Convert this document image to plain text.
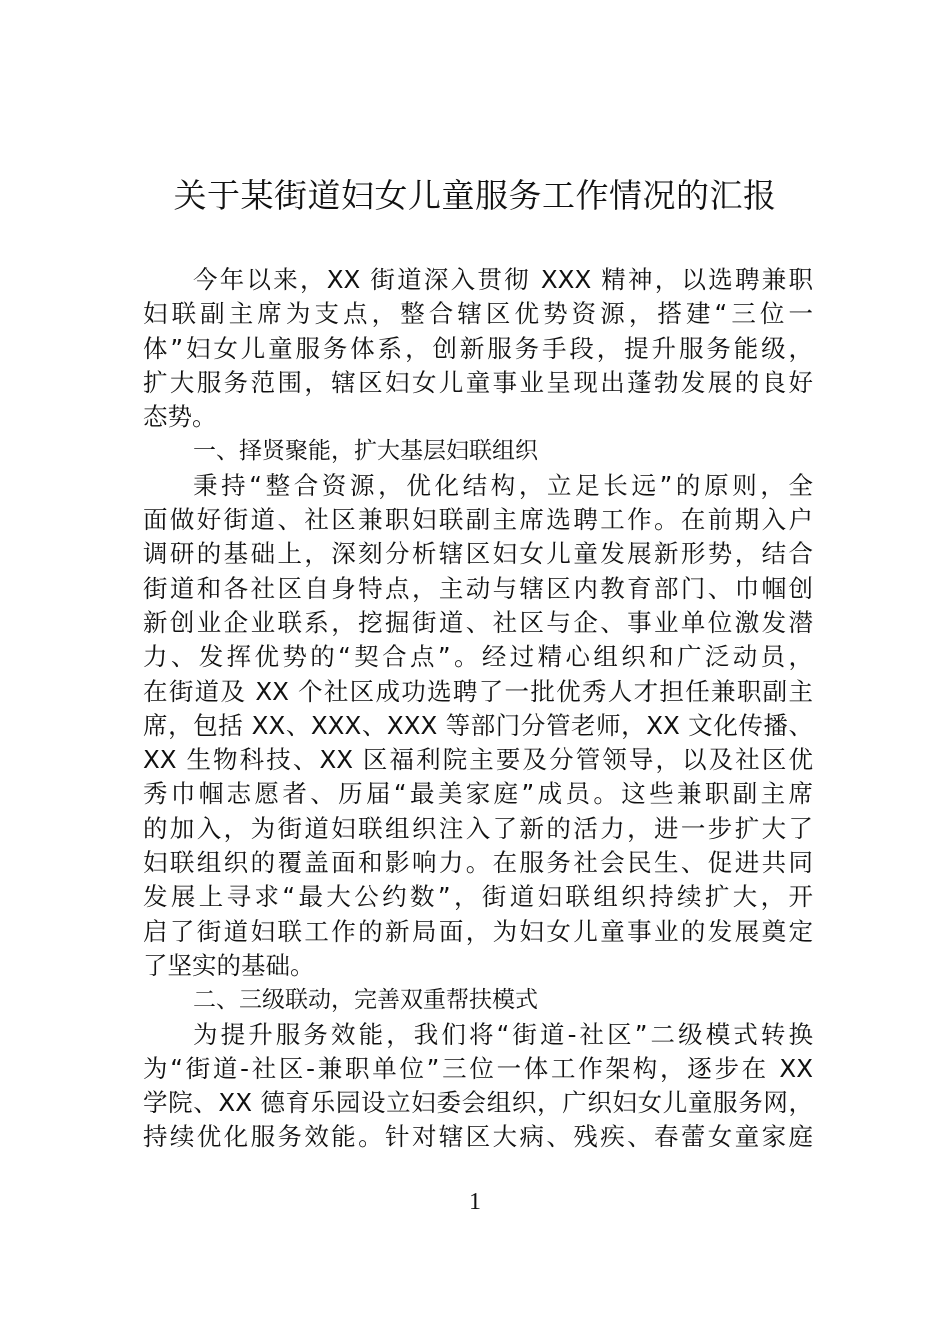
关于某街道妇女儿童服务工作情况的汇报

今年以来，XX 街道深入贯彻 XXX 精神，以选聘兼职

妇联副主席为支点，整合辖区优势资源，搭建“三位一

体”妇女儿童服务体系，创新服务手段，提升服务能级，

扩大服务范围，辖区妇女儿童事业呈现出蓬勃发展的良好

态势。

一、择贤聚能，扩大基层妇联组织

秉持“整合资源，优化结构，立足长远”的原则，全

面做好街道、社区兼职妇联副主席选聘工作。在前期入户

调研的基础上，深刻分析辖区妇女儿童发展新形势，结合

街道和各社区自身特点，主动与辖区内教育部门、巾帼创

新创业企业联系，挖掘街道、社区与企、事业单位激发潜

力、发挥优势的“契合点”。经过精心组织和广泛动员，

在街道及 XX 个社区成功选聘了一批优秀人才担任兼职副主

席，包括 XX、XXX、XXX 等部门分管老师，XX 文化传播、

XX 生物科技、XX 区福利院主要及分管领导，以及社区优

秀巾帼志愿者、历届“最美家庭”成员。这些兼职副主席

的加入，为街道妇联组织注入了新的活力，进一步扩大了

妇联组织的覆盖面和影响力。在服务社会民生、促进共同

发展上寻求“最大公约数”，街道妇联组织持续扩大，开

启了街道妇联工作的新局面，为妇女儿童事业的发展奠定

了坚实的基础。

二、三级联动，完善双重帮扶模式

为提升服务效能，我们将“街道-社区”二级模式转换

为“街道-社区-兼职单位”三位一体工作架构，逐步在 XX

学院、XX 德育乐园设立妇委会组织，广织妇女儿童服务网，

持续优化服务效能。针对辖区大病、残疾、春蕾女童家庭

1
